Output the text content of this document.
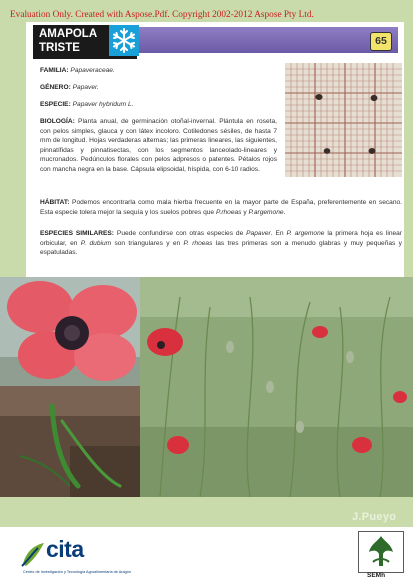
Evaluation Only. Created with Aspose.Pdf. Copyright 2002-2012 Aspose Pty Ltd.
AMAPOLA
TRISTE
65
FAMILIA: Papaveraceae.
GÉNERO: Papaver.
ESPECIE: Papaver hybridum L.
BIOLOGÍA: Planta anual, de germinación otoñal-invernal. Plántula en roseta, con pelos simples, glauca y con látex incoloro. Cotiledones sésiles, de hasta 7 mm de longitud. Hojas verdaderas alternas; las primeras lineares, las siguientes, pinnatífidas y pinnatisectas, con los segmentos lanceolado-lineares y mucronados. Pedúnculos florales con pelos adpresos o patentes. Pétalos rojos con mancha negra en la base. Cápsula elipsoidal, híspida, con 6-10 radios.
HÁBITAT: Podemos encontrarla como mala hierba frecuente en la mayor parte de España, preferentemente en secano. Esta especie tolera mejor la sequía y los suelos pobres que P.rhoeas y P.argemone.
ESPECIES SIMILARES: Puede confundirse con otras especies de Papaver. En P. argemone la primera hoja es linear orbicular, en P. dubium son triangulares y en P. rhoeas las tres primeras son a menudo glabras y muy pequeñas y espatuladas.
J.Pueyo
cita
Centro de Investigación y Tecnología Agroalimentaria de Aragón	SEMh
